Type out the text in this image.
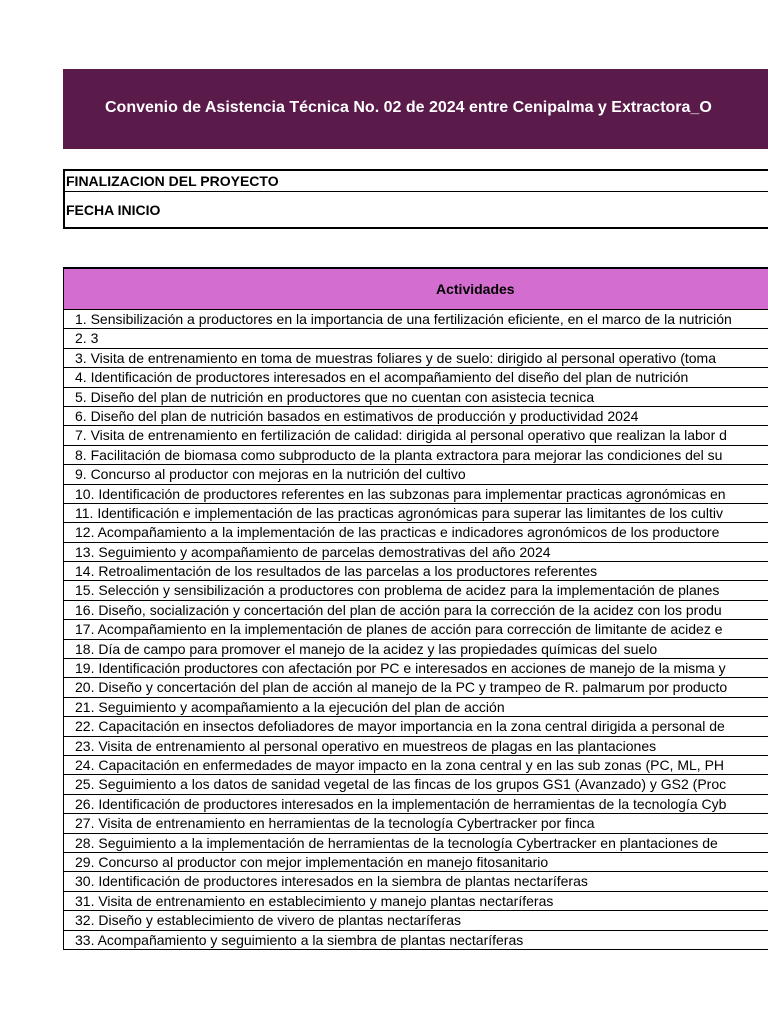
Convenio de Asistencia Técnica No. 02 de 2024 entre Cenipalma y Extractora_O
FINALIZACION DEL PROYECTO
FECHA INICIO
Actividades
1. Sensibilización a productores en la importancia de una fertilización eficiente, en el marco de la nutrición
2. 3
3. Visita de entrenamiento en toma de muestras foliares y de suelo: dirigido al personal operativo (toma
4. Identificación de productores interesados en el acompañamiento del diseño del plan de nutrición
5. Diseño del plan de nutrición en productores que no cuentan con asistecia tecnica
6. Diseño del plan de nutrición basados en estimativos de producción y productividad 2024
7. Visita de entrenamiento en fertilización de calidad: dirigida al personal operativo que realizan la labor d
8. Facilitación de biomasa como subproducto de la planta extractora para mejorar las condiciones del su
9. Concurso al productor con mejoras en la nutrición del cultivo
10. Identificación de productores referentes en las subzonas para implementar practicas agronómicas en
11. Identificación e implementación de las practicas agronómicas para superar las limitantes de los cultiv
12. Acompañamiento a la implementación de las practicas e indicadores agronómicos de los productore
13. Seguimiento y acompañamiento de parcelas demostrativas del año 2024
14. Retroalimentación de los resultados de las parcelas a los productores referentes
15. Selección y sensibilización a productores con problema de acidez para la implementación de planes
16. Diseño, socialización y concertación del plan de acción para la corrección de la acidez con los produ
17. Acompañamiento en la implementación de planes de acción para corrección de limitante de acidez e
18. Día de campo para promover el manejo de la acidez y las propiedades químicas del suelo
19. Identificación productores con afectación por PC e interesados en acciones de manejo de la misma y
20. Diseño y concertación del plan de acción al manejo de la PC y trampeo de R. palmarum por producto
21. Seguimiento y acompañamiento a la ejecución del plan de acción
22. Capacitación en insectos defoliadores de mayor importancia en la zona central dirigida a personal de
23. Visita de entrenamiento al personal operativo en muestreos de plagas en las plantaciones
24. Capacitación en enfermedades de mayor impacto en la zona central y en las sub zonas (PC, ML, PH
25. Seguimiento a los datos de sanidad vegetal de las fincas de los grupos GS1 (Avanzado) y GS2 (Proc
26. Identificación de productores interesados en la implementación de herramientas de la tecnología Cyb
27. Visita de entrenamiento en herramientas de la tecnología Cybertracker por finca
28. Seguimiento a la implementación de herramientas de la tecnología Cybertracker en plantaciones de
29. Concurso al productor con mejor implementación en manejo fitosanitario
30. Identificación de productores interesados en la siembra de plantas nectaríferas
31. Visita de entrenamiento en establecimiento y manejo plantas nectaríferas
32. Diseño y establecimiento de vivero de plantas nectaríferas
33. Acompañamiento y seguimiento a la siembra de plantas nectaríferas
